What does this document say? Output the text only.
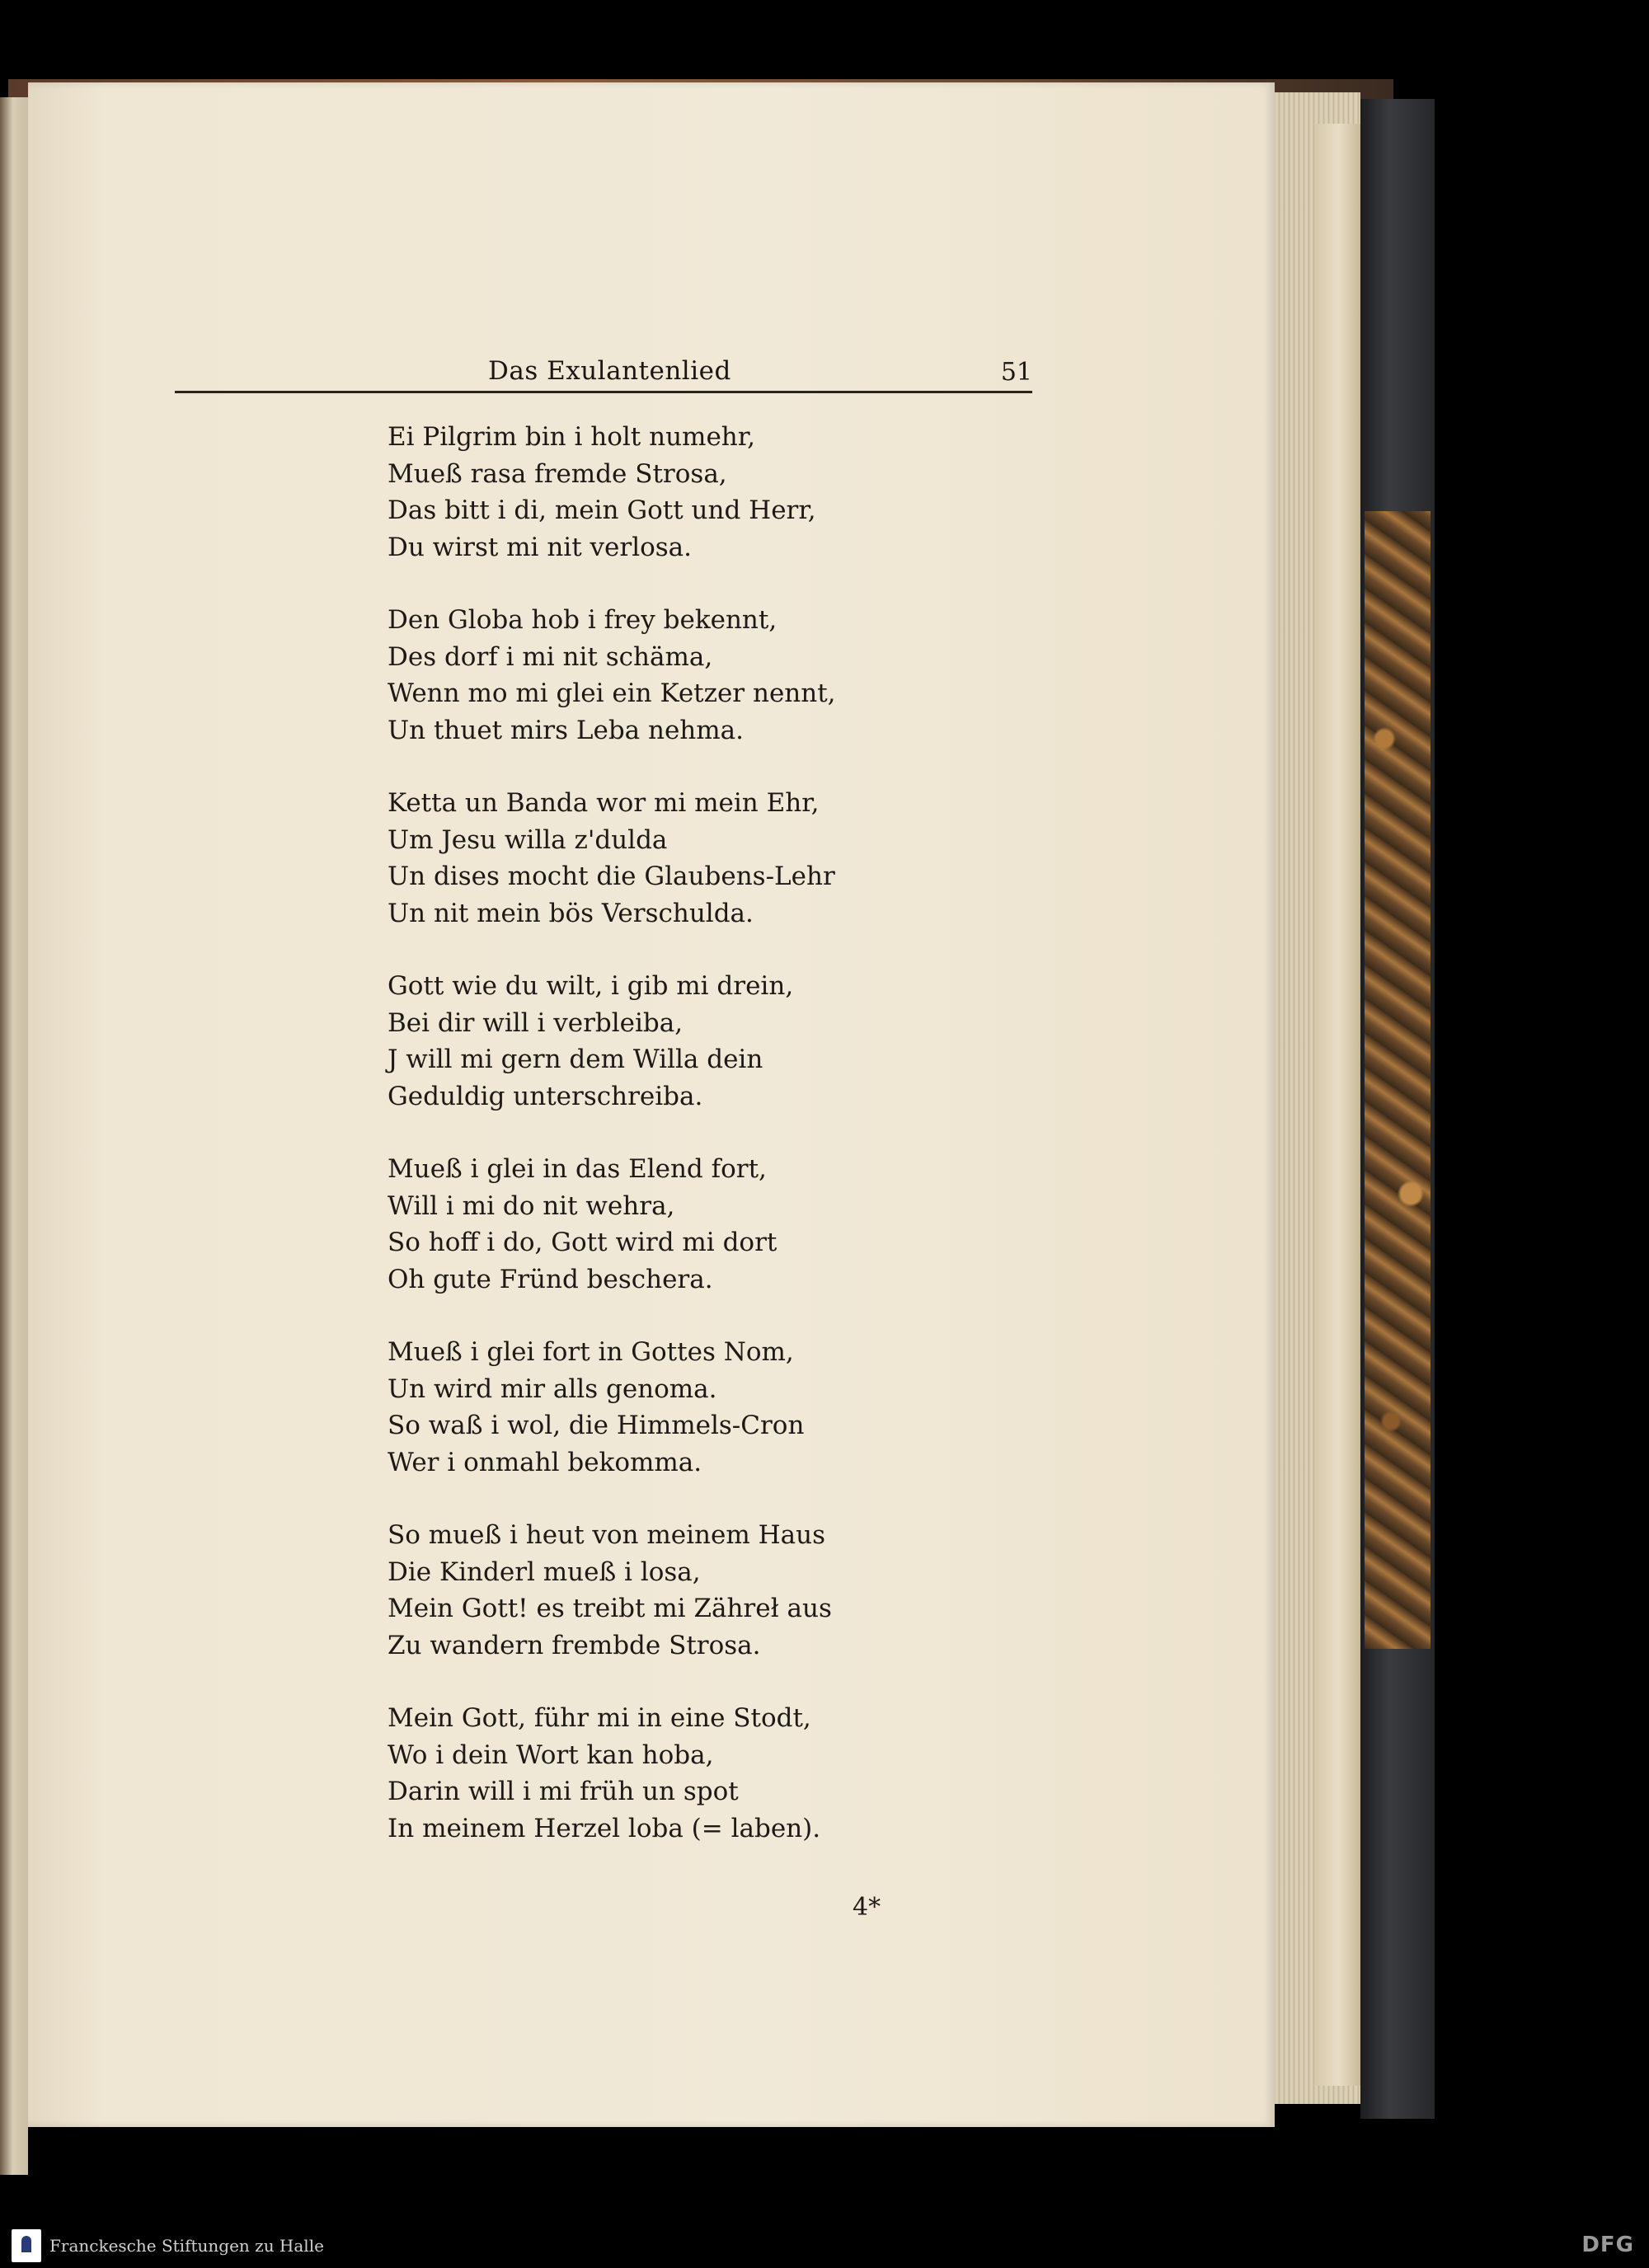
Das Exulantenlied	51
Ei Pilgrim bin i holt numehr,
Mueß rasa fremde Strosa,
Das bitt i di, mein Gott und Herr,
Du wirst mi nit verlosa.
Den Globa hob i frey bekennt,
Des dorf i mi nit schäma,
Wenn mo mi glei ein Ketzer nennt,
Un thuet mirs Leba nehma.
Ketta un Banda wor mi mein Ehr,
Um Jesu willa z'dulda
Un dises mocht die Glaubens-Lehr
Un nit mein bös Verschulda.
Gott wie du wilt, i gib mi drein,
Bei dir will i verbleiba,
J will mi gern dem Willa dein
Geduldig unterschreiba.
Mueß i glei in das Elend fort,
Will i mi do nit wehra,
So hoff i do, Gott wird mi dort
Oh gute Fründ beschera.
Mueß i glei fort in Gottes Nom,
Un wird mir alls genoma.
So waß i wol, die Himmels-Cron
Wer i onmahl bekomma.
So mueß i heut von meinem Haus
Die Kinderl mueß i losa,
Mein Gott! es treibt mi Zähreł aus
Zu wandern frembde Strosa.
Mein Gott, führ mi in eine Stodt,
Wo i dein Wort kan hoba,
Darin will i mi früh un spot
In meinem Herzel loba (= laben).
4*
Franckesche Stiftungen zu Halle	DFG
